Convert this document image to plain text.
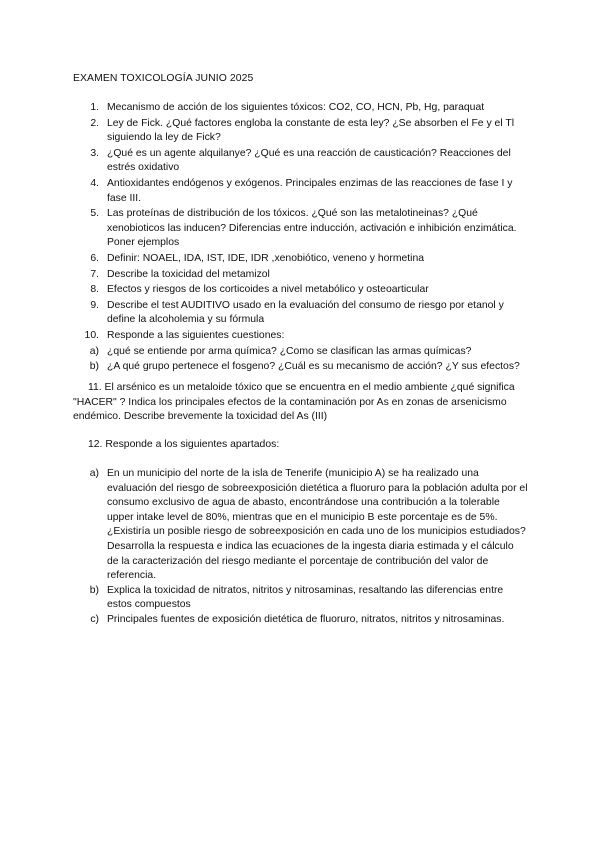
EXAMEN TOXICOLOGÍA JUNIO 2025
1. Mecanismo de acción de los siguientes tóxicos: CO2, CO, HCN, Pb, Hg, paraquat
2. Ley de Fick. ¿Qué factores engloba la constante de esta ley? ¿Se absorben el Fe y el Tl siguiendo la ley de Fick?
3. ¿Qué es un agente alquilanye? ¿Qué es una reacción de causticación? Reacciones del estrés oxidativo
4. Antioxidantes endógenos y exógenos. Principales enzimas de las reacciones de fase I y fase III.
5. Las proteínas de distribución de los tóxicos. ¿Qué son las metalotineinas? ¿Qué xenobioticos las inducen? Diferencias entre inducción, activación e inhibición enzimática. Poner ejemplos
6. Definir: NOAEL, IDA, IST, IDE, IDR ,xenobiótico, veneno y hormetina
7. Describe la toxicidad del metamizol
8. Efectos y riesgos de los corticoides a nivel metabólico y osteoarticular
9. Describe el test AUDITIVO usado en la evaluación del consumo de riesgo por etanol y define la alcoholemia y su fórmula
10. Responde a las siguientes cuestiones:
a) ¿qué se entiende por arma química? ¿Como se clasifican las armas químicas?
b) ¿A qué grupo pertenece el fosgeno? ¿Cuál es su mecanismo de acción? ¿Y sus efectos?
11. El arsénico es un metaloide tóxico que se encuentra en el medio ambiente ¿qué significa "HACER" ? Indica los principales efectos de la contaminación por As en zonas de arsenicismo endémico. Describe brevemente la toxicidad del As (III)
12. Responde a los siguientes apartados:
a) En un municipio del norte de la isla de Tenerife (municipio A) se ha realizado una evaluación del riesgo de sobreexposición dietética a fluoruro para la población adulta por el consumo exclusivo de agua de abasto, encontrándose una contribución a la tolerable upper intake level de 80%, mientras que en el municipio B este porcentaje es de 5%. ¿Existiría un posible riesgo de sobreexposición en cada uno de los municipios estudiados? Desarrolla la respuesta e indica las ecuaciones de la ingesta diaria estimada y el cálculo de la caracterización del riesgo mediante el porcentaje de contribución del valor de referencia.
b) Explica la toxicidad de nitratos, nitritos y nitrosaminas, resaltando las diferencias entre estos compuestos
c) Principales fuentes de exposición dietética de fluoruro, nitratos, nitritos y nitrosaminas.
